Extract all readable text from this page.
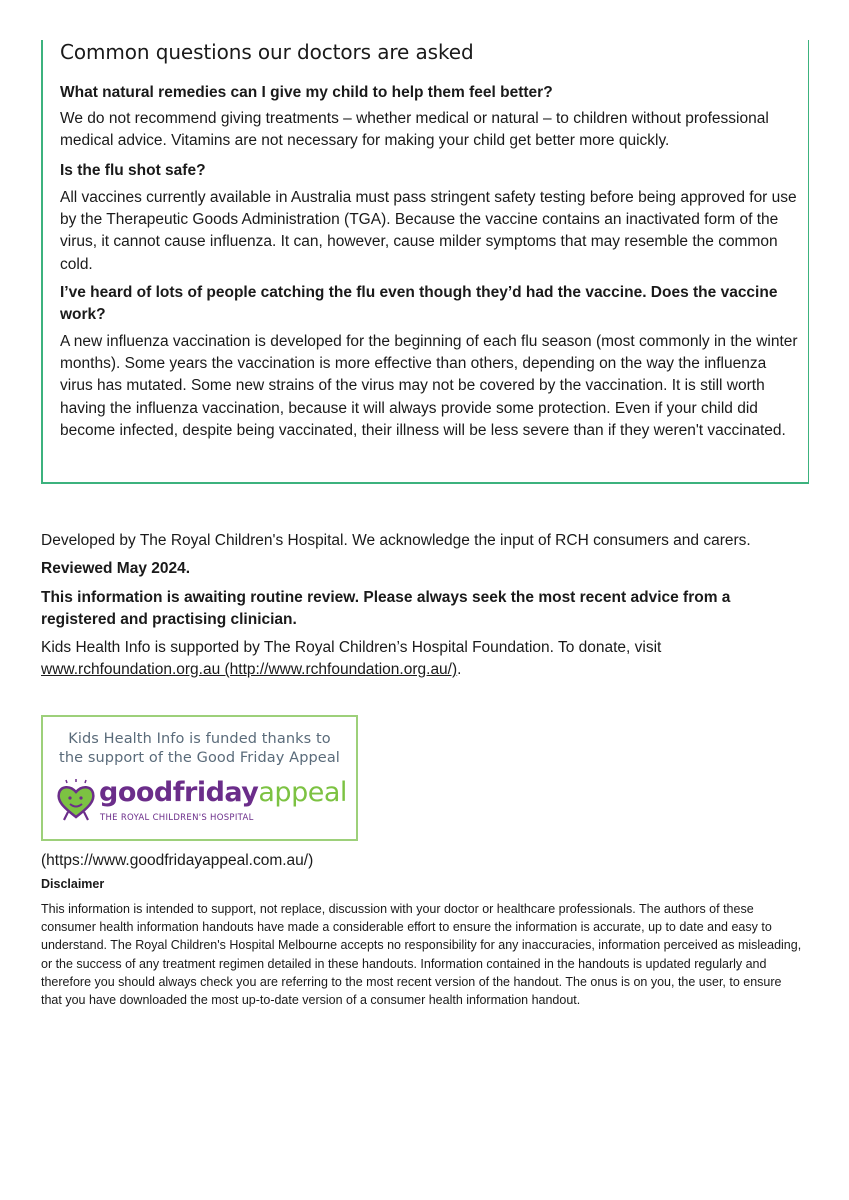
Common questions our doctors are asked

What natural remedies can I give my child to help them feel better?

We do not recommend giving treatments – whether medical or natural – to children without professional medical advice. Vitamins are not necessary for making your child get better more quickly.

Is the flu shot safe?

All vaccines currently available in Australia must pass stringent safety testing before being approved for use by the Therapeutic Goods Administration (TGA). Because the vaccine contains an inactivated form of the virus, it cannot cause influenza. It can, however, cause milder symptoms that may resemble the common cold.

I’ve heard of lots of people catching the flu even though they’d had the vaccine. Does the vaccine work?

A new influenza vaccination is developed for the beginning of each flu season (most commonly in the winter months). Some years the vaccination is more effective than others, depending on the way the influenza virus has mutated. Some new strains of the virus may not be covered by the vaccination. It is still worth having the influenza vaccination, because it will always provide some protection. Even if your child did become infected, despite being vaccinated, their illness will be less severe than if they weren't vaccinated.

Developed by The Royal Children's Hospital. We acknowledge the input of RCH consumers and carers.

Reviewed May 2024.

This information is awaiting routine review. Please always seek the most recent advice from a registered and practising clinician.

Kids Health Info is supported by The Royal Children’s Hospital Foundation. To donate, visit www.rchfoundation.org.au (http://www.rchfoundation.org.au/).

Kids Health Info is funded thanks to
the support of the Good Friday Appeal
goodfridayappeal
THE ROYAL CHILDREN'S HOSPITAL

(https://www.goodfridayappeal.com.au/)

Disclaimer

This information is intended to support, not replace, discussion with your doctor or healthcare professionals. The authors of these consumer health information handouts have made a considerable effort to ensure the information is accurate, up to date and easy to understand. The Royal Children's Hospital Melbourne accepts no responsibility for any inaccuracies, information perceived as misleading, or the success of any treatment regimen detailed in these handouts. Information contained in the handouts is updated regularly and therefore you should always check you are referring to the most recent version of the handout. The onus is on you, the user, to ensure that you have downloaded the most up-to-date version of a consumer health information handout.
